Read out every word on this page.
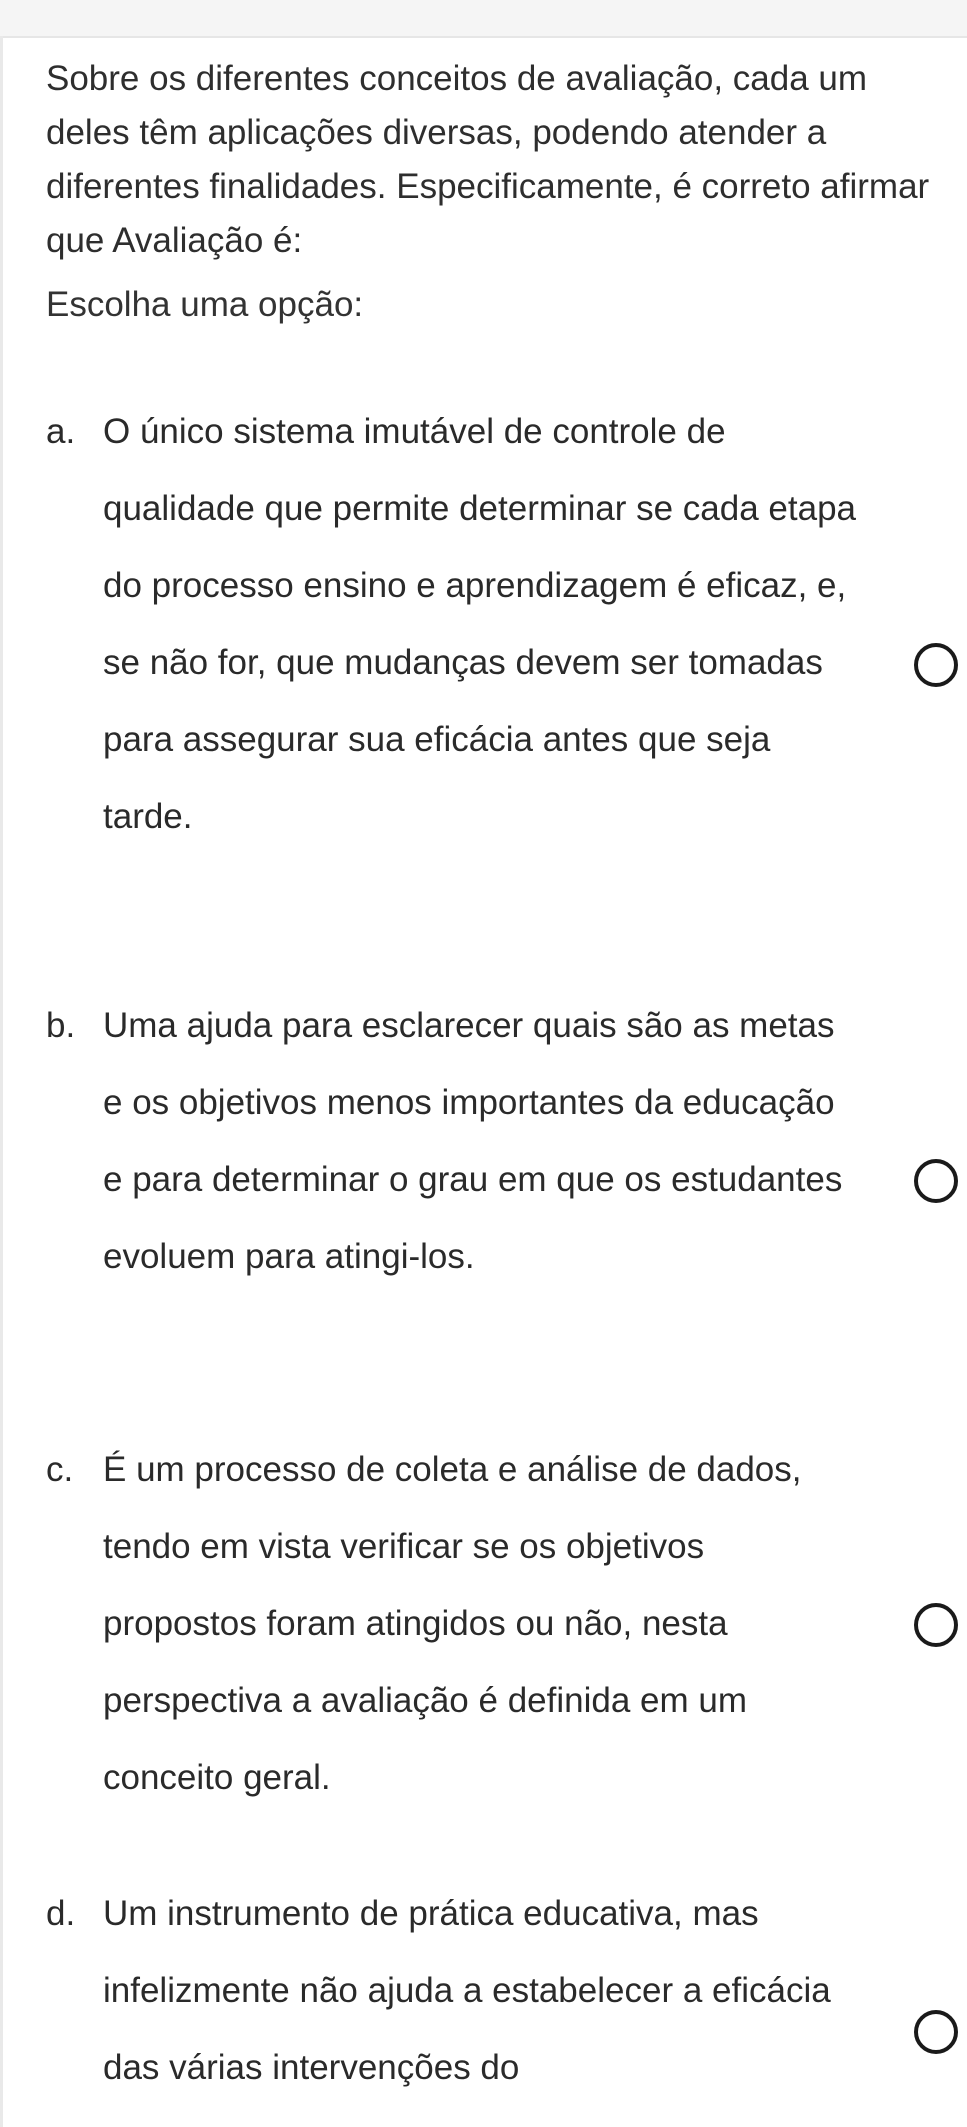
Sobre os diferentes conceitos de avaliação, cada um deles têm aplicações diversas, podendo atender a diferentes finalidades. Especificamente, é correto afirmar que Avaliação é:

Escolha uma opção:

a. O único sistema imutável de controle de qualidade que permite determinar se cada etapa do processo ensino e aprendizagem é eficaz, e, se não for, que mudanças devem ser tomadas para assegurar sua eficácia antes que seja tarde.
b. Uma ajuda para esclarecer quais são as metas e os objetivos menos importantes da educação e para determinar o grau em que os estudantes evoluem para atingi-los.
c. É um processo de coleta e análise de dados, tendo em vista verificar se os objetivos propostos foram atingidos ou não, nesta perspectiva a avaliação é definida em um conceito geral.
d. Um instrumento de prática educativa, mas infelizmente não ajuda a estabelecer a eficácia das várias intervenções do
